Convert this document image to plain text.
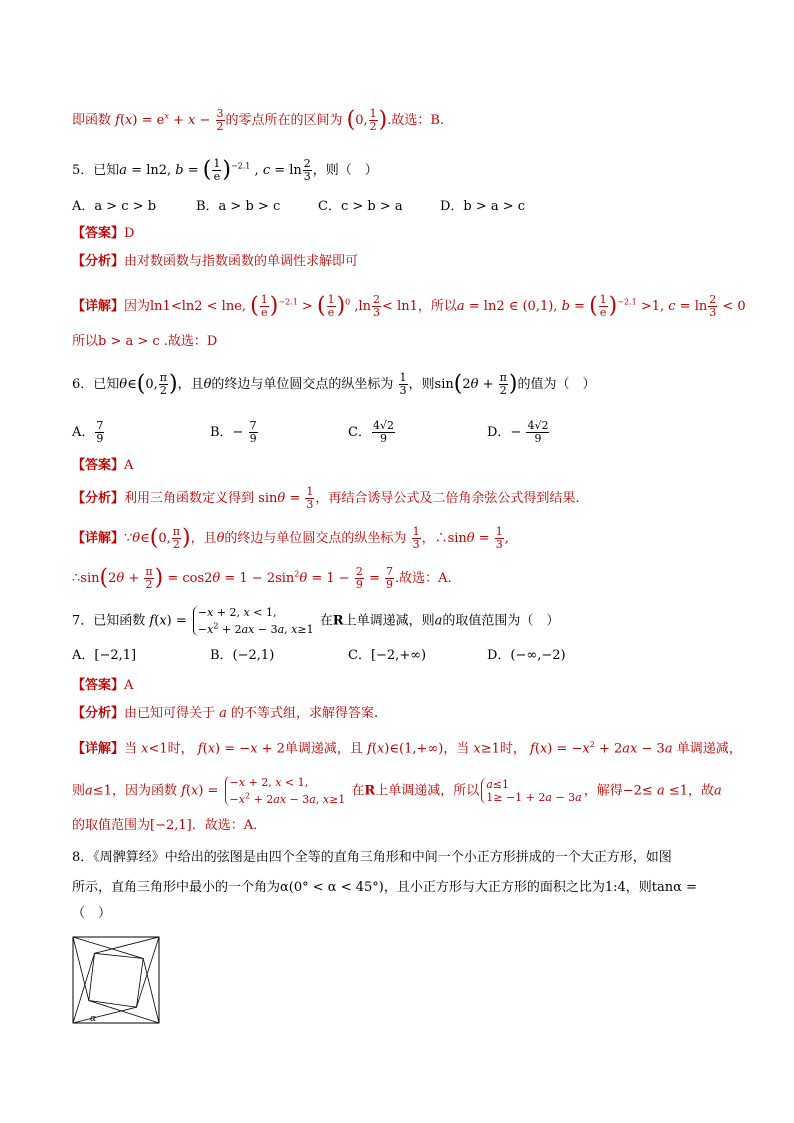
即函数 $f(x) = e^x + x - \frac{3}{2}$ 的零点所在的区间为 (0, $\frac{1}{2}$ ).故选：B.
5．已知a = ln2, b = ( $\frac{1}{e} )^{-2.1}$ , $c = \ln \frac{2}{3}$ ，则（　）
A．a > c > b	B．a > b > c	C．c > b > a	D．b > a > c
【答案】D
【分析】由对数函数与指数函数的单调性求解即可
【详解】因为ln1<ln2 < lne, ( $\frac{1}{e} )^{-2.1}$ > ( $\frac{1}{e} )^0$ $,\ln \frac{2}{3} < \ln 1$，所以a = ln2 ∈ (0,1), b = ( $\frac{1}{e} )^{-2.1} >1$, $c = \ln \frac{2}{3} < 0$
所以b > a > c .故选：D
6．已知θ∈(0, $\frac{\pi}{2}$ )，且θ的终边与单位圆交点的纵坐标为 $\frac{1}{3}$ ，则$\sin(2\theta + \frac{\pi}{2}$ )的值为（　）
A． $\frac{7}{9}$	B．− $\frac{7}{9}$	C． $\frac{4√2}{9}$	D．− $\frac{4√2}{9}$
【答案】A
【分析】利用三角函数定义得到 $\sin\theta = \frac{1}{3}$ ，再结合诱导公式及二倍角余弦公式得到结果.
【详解】∵θ∈(0, $\frac{\pi}{2}$ )，且θ的终边与单位圆交点的纵坐标为 $\frac{1}{3}$ ，∴sinθ = $\frac{1}{3}$ ,
∴sin(2θ + $\frac{\pi}{2}$ ) = $\cos 2\theta = 1 - 2\sin^2\theta = 1 - \frac{2}{9} = \frac{7}{9}$ .故选：A.
7．已知函数 f(x) = −x + 2, x < 1,
$-x^2 + 2ax - 3a$, x≥1 在R上单调递减，则a的取值范围为（　）
A．[−2,1]	B．(−2,1)	C．[−2,+∞)	D．(−∞,−2)
【答案】A
【分析】由已知可得关于 a 的不等式组，求解得答案.
【详解】当 x<1时， f(x) = −x + 2单调递减，且 f(x)∈(1,+∞)，当 x≥1时， $f(x) = -x^2 + 2ax - 3a$ 单调递减，
则a≤1，因为函数 f(x) = −x + 2, x < 1,
$-x^2 + 2ax - 3a$, x≥1 在R上单调递减，所以 a≤1
1≥ −1 + 2a − 3a ，解得−2≤ a ≤1，故a
的取值范围为[−2,1]．故选：A．
8．《周髀算经》中给出的弦图是由四个全等的直角三角形和中间一个小正方形拼成的一个大正方形，如图
所示，直角三角形中最小的一个角为α(0° < α < 45°)，且小正方形与大正方形的面积之比为1:4，则tanα =
（　）
α
